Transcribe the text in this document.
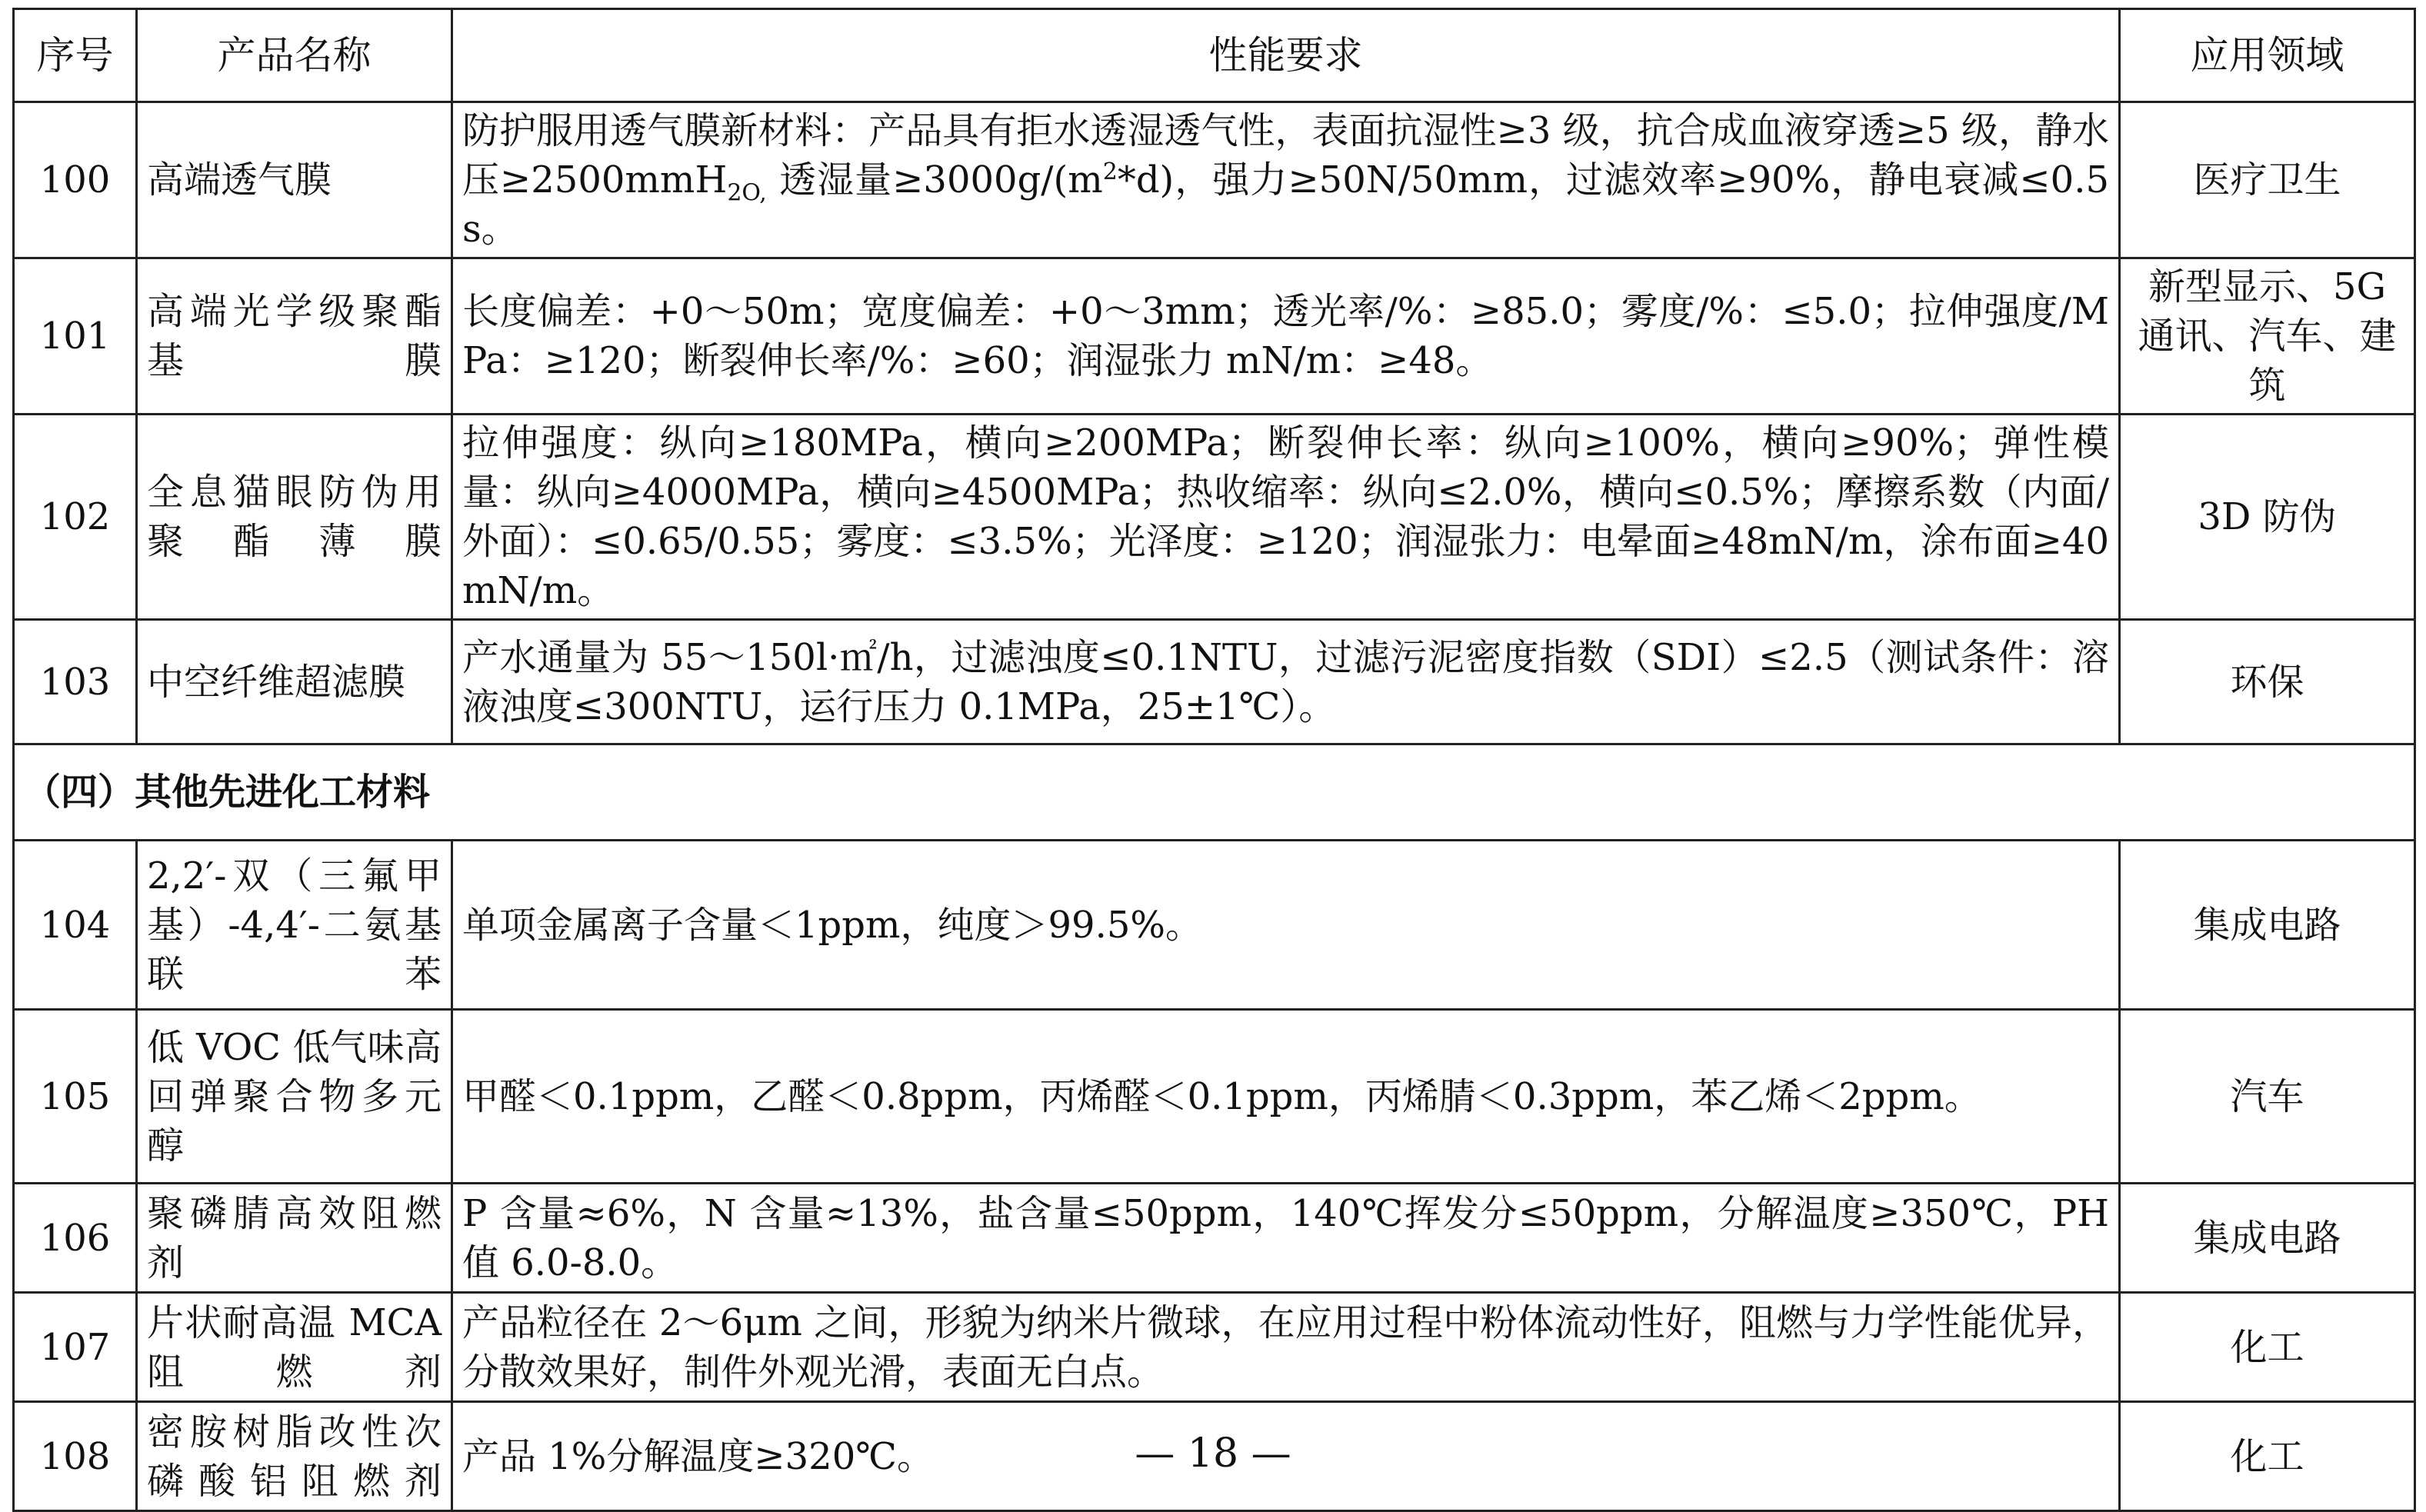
序号	产品名称	性能要求	应用领域
100	高端透气膜	防护服用透气膜新材料：产品具有拒水透湿透气性，表面抗湿性≥3 级，抗合成血液穿透≥5 级，静水压≥2500mmH$_{2O,}$ 透湿量$\ge 3000g/(m^2*d)$，强力≥50N/50mm，过滤效率≥90%，静电衰减≤0.5s。	医疗卫生
101	高端光学级聚酯基膜	长度偏差：+0～50m；宽度偏差：+0～3mm；透光率/%：≥85.0；雾度/%：≤5.0；拉伸强度/MPa：≥120；断裂伸长率/%：≥60；润湿张力 mN/m：≥48。	新型显示、5G 通讯、汽车、建筑
102	全息猫眼防伪用聚酯薄膜	拉伸强度：纵向≥180MPa，横向≥200MPa；断裂伸长率：纵向≥100%，横向≥90%；弹性模量：纵向≥4000MPa，横向≥4500MPa；热收缩率：纵向≤2.0%，横向≤0.5%；摩擦系数（内面/外面）：≤0.65/0.55；雾度：≤3.5%；光泽度：≥120；润湿张力：电晕面≥48mN/m，涂布面≥40mN/m。	3D 防伪
103	中空纤维超滤膜	产水通量为 55～150l·㎡/h，过滤浊度≤0.1NTU，过滤污泥密度指数（SDI）≤2.5（测试条件：溶液浊度≤300NTU，运行压力 0.1MPa，25±1℃）。	环保
（四）其他先进化工材料			
104	2,2′-双（三氟甲基）-4,4′-二氨基联苯	单项金属离子含量＜1ppm，纯度＞99.5%。	集成电路
105	低 VOC 低气味高回弹聚合物多元醇	甲醛＜0.1ppm，乙醛＜0.8ppm，丙烯醛＜0.1ppm，丙烯腈＜0.3ppm，苯乙烯＜2ppm。	汽车
106	聚磷腈高效阻燃剂	P 含量≈6%，N 含量≈13%，盐含量≤50ppm，140℃挥发分≤50ppm，分解温度≥350℃，PH 值 6.0-8.0。	集成电路
107	片状耐高温 MCA 阻燃剂	产品粒径在 2～6μm 之间，形貌为纳米片微球，在应用过程中粉体流动性好，阻燃与力学性能优异，分散效果好，制件外观光滑，表面无白点。	化工
108	密胺树脂改性次磷酸铝阻燃剂	产品 1%分解温度≥320℃。	化工
— 18 —
